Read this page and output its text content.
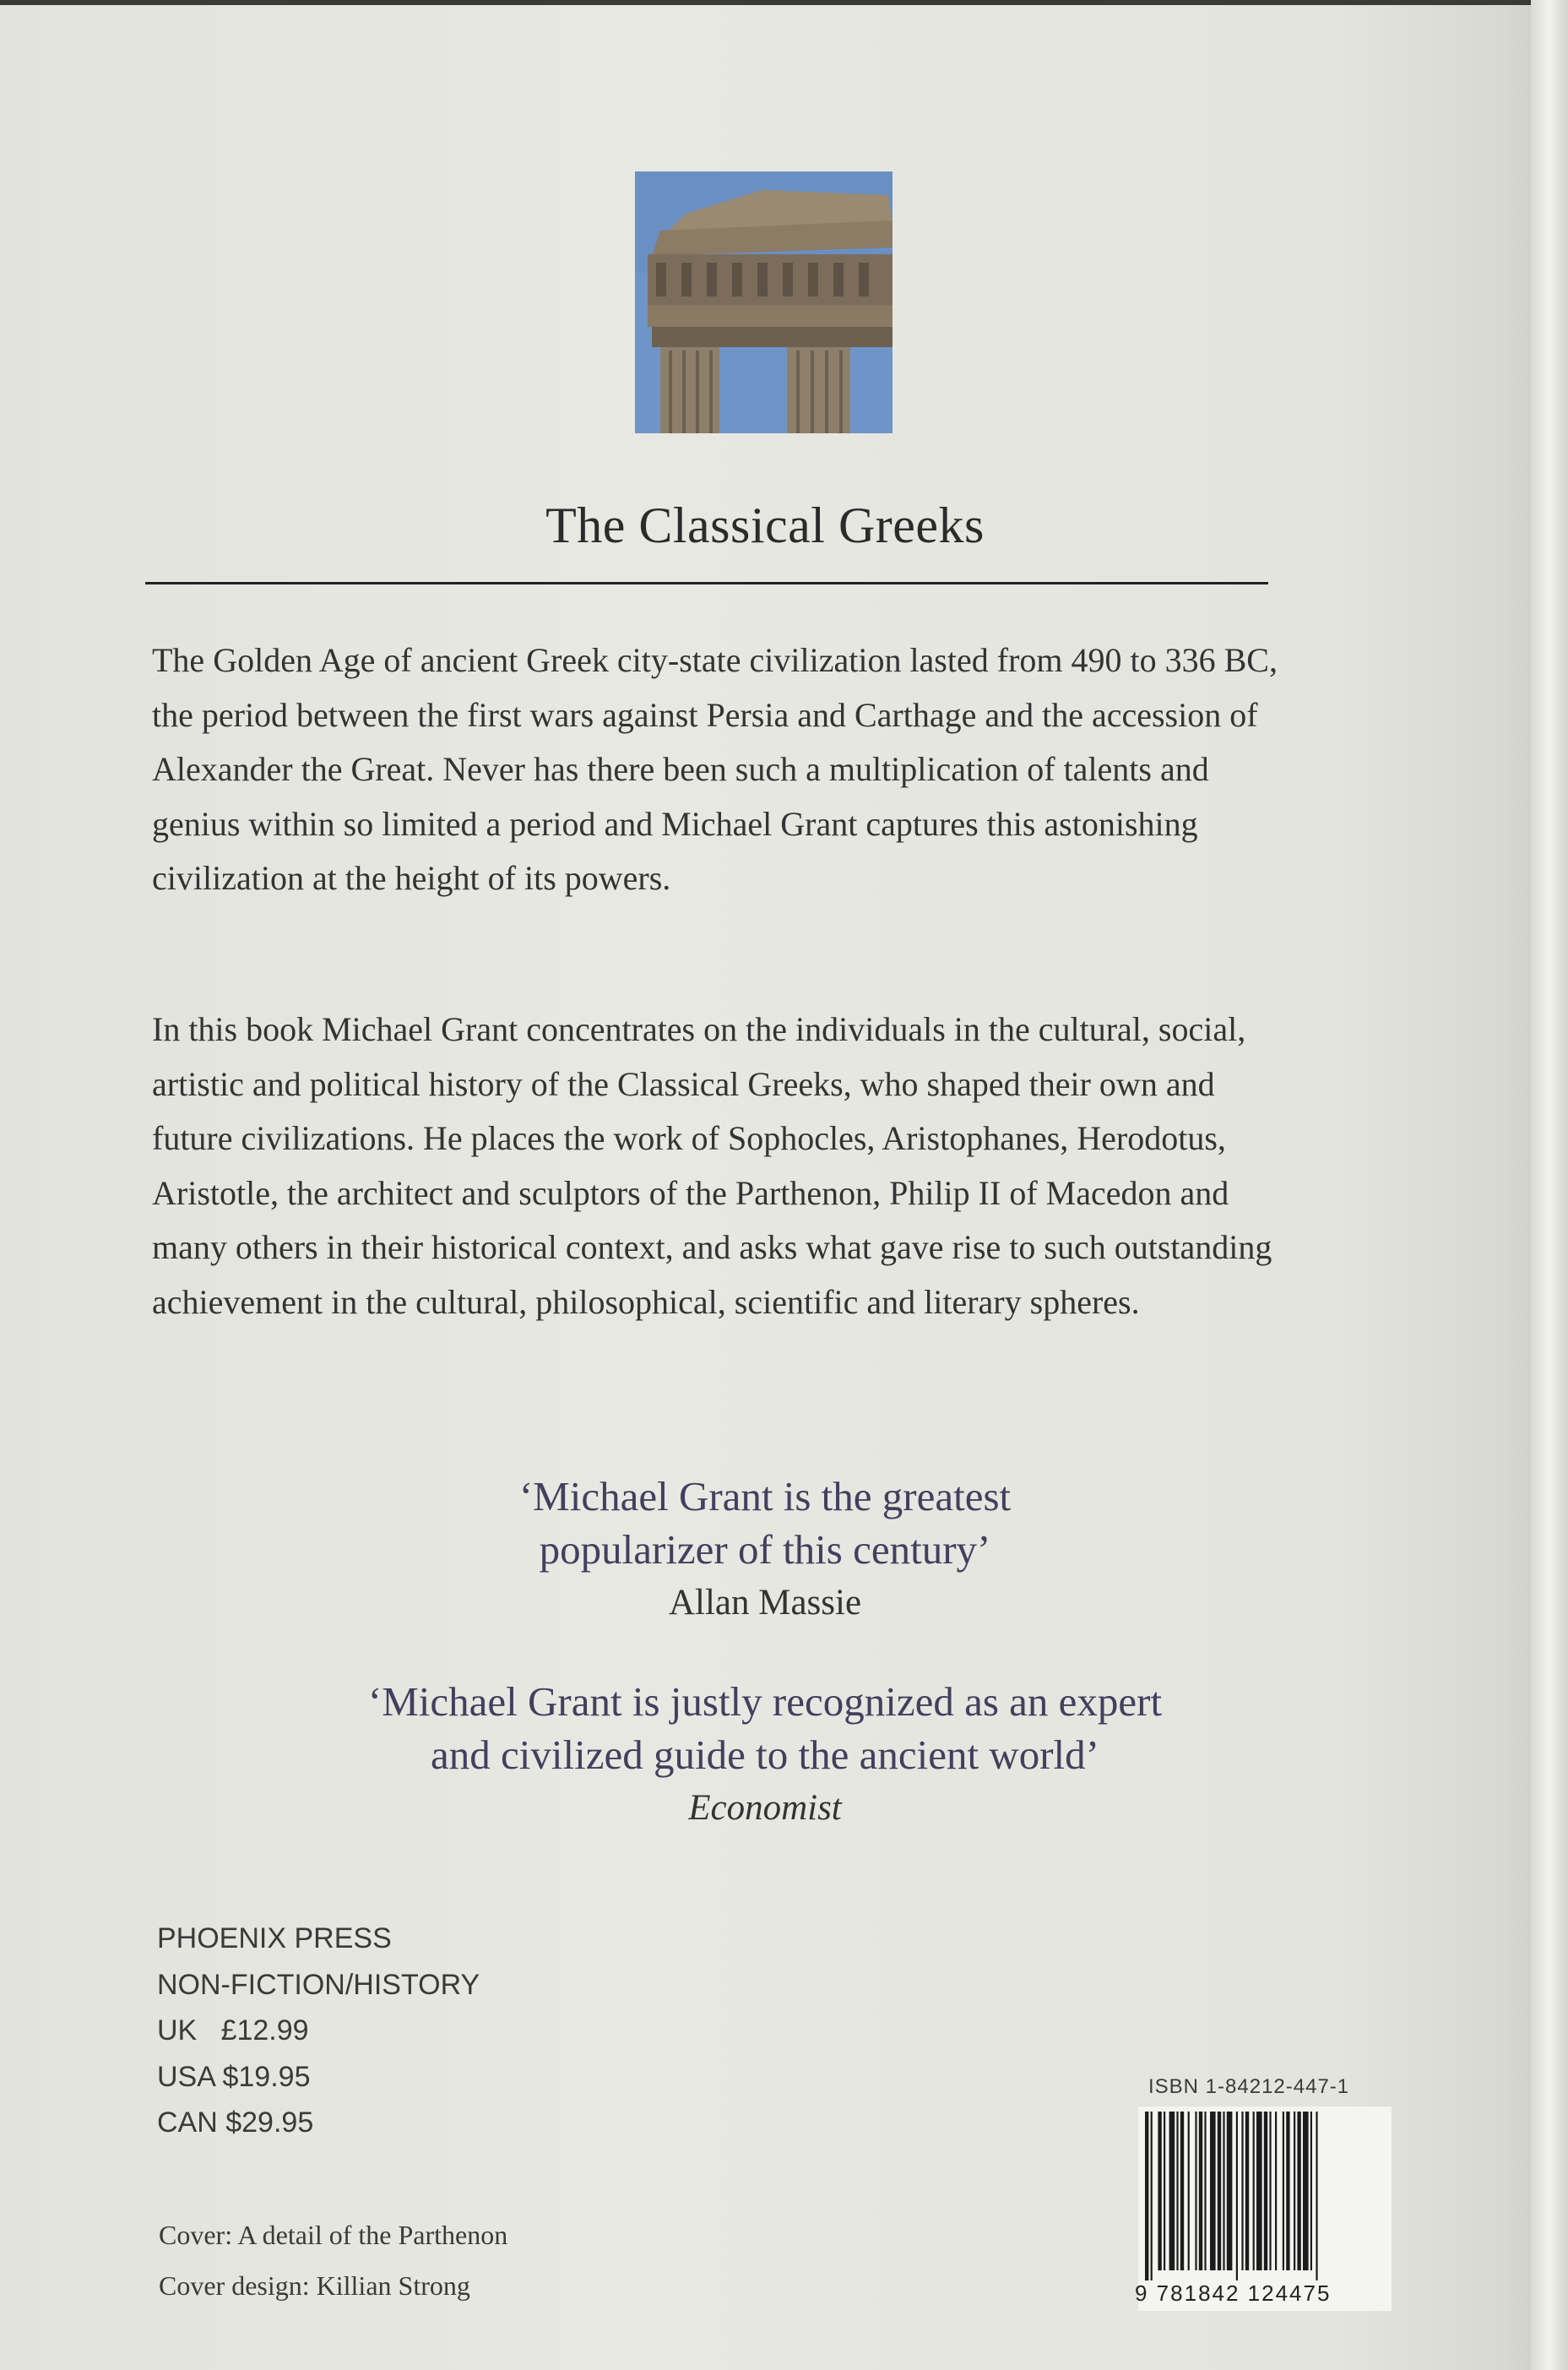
The Classical Greeks
The Golden Age of ancient Greek city-state civilization lasted from 490 to 336 BC, the period between the first wars against Persia and Carthage and the accession of Alexander the Great. Never has there been such a multiplication of talents and genius within so limited a period and Michael Grant captures this astonishing civilization at the height of its powers.
In this book Michael Grant concentrates on the individuals in the cultural, social, artistic and political history of the Classical Greeks, who shaped their own and future civilizations. He places the work of Sophocles, Aristophanes, Herodotus, Aristotle, the architect and sculptors of the Parthenon, Philip II of Macedon and many others in their historical context, and asks what gave rise to such outstanding achievement in the cultural, philosophical, scientific and literary spheres.
‘Michael Grant is the greatest
popularizer of this century’
Allan Massie
‘Michael Grant is justly recognized as an expert
and civilized guide to the ancient world’
Economist
PHOENIX PRESS
NON-FICTION/HISTORY
UK   £12.99
USA $19.95
CAN $29.95
Cover: A detail of the Parthenon
Cover design: Killian Strong
ISBN 1-84212-447-1
9 781842 124475
